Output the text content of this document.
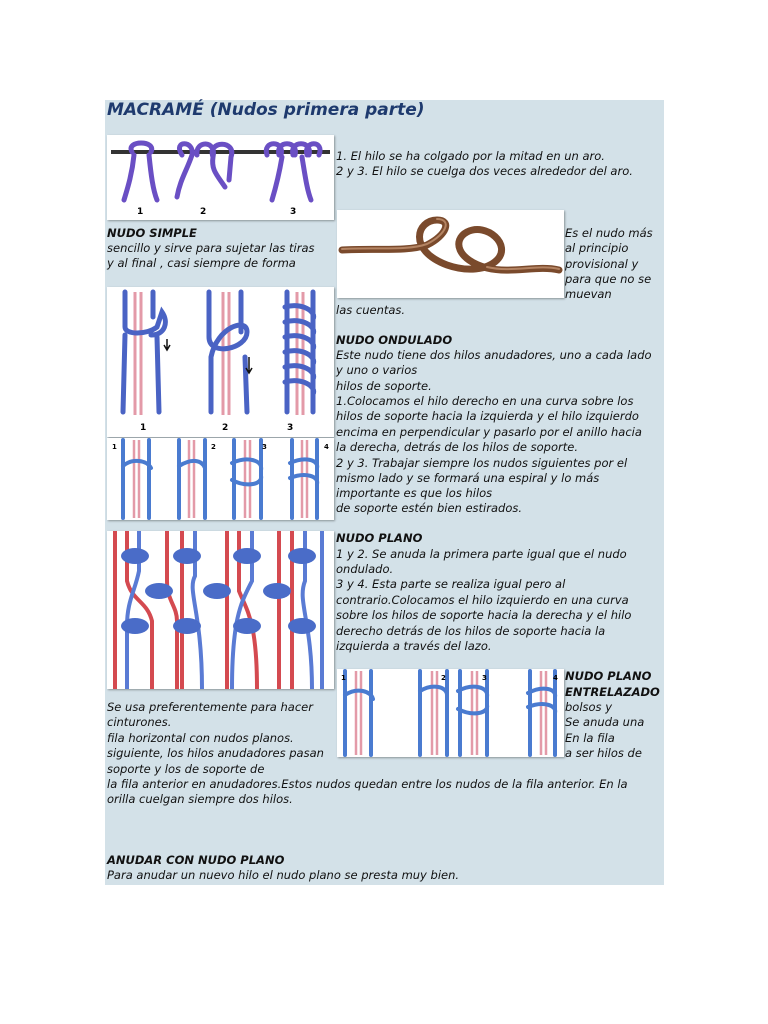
MACRAMÉ (Nudos primera parte)
1	2	3
1. El hilo se ha colgado por la mitad en un aro.
2 y 3. El hilo se cuelga dos veces alrededor del aro.
NUDO SIMPLE
sencillo y sirve para sujetar las tiras
y al final , casi siempre de forma
Es el nudo más
al principio
provisional y
para que no se
muevan
las cuentas.
1	2	3
NUDO ONDULADO
Este nudo tiene dos hilos anudadores, uno a cada lado
y uno o varios
hilos de soporte.
1.Colocamos el hilo derecho en una curva sobre los
hilos de soporte hacia la izquierda y el hilo izquierdo
encima en perpendicular y pasarlo por el anillo hacia
la derecha, detrás de los hilos de soporte.
2 y 3. Trabajar siempre los nudos siguientes por el
mismo lado y se formará una espiral y lo más
importante es que los hilos
de soporte estén bien estirados.
1	2	3	4
NUDO PLANO
1 y 2. Se anuda la primera parte igual que el nudo
ondulado.
3 y 4. Esta parte se realiza igual pero al
contrario.Colocamos el hilo izquierdo en una curva
sobre los hilos de soporte hacia la derecha y el hilo
derecho detrás de los hilos de soporte hacia la
izquierda a través del lazo.
1	2	3	4 NUDO PLANO
ENTRELAZADO
bolsos y
Se anuda una
En la fila
a ser hilos de
Se usa preferentemente para hacer
cinturones.
fila horizontal con nudos planos.
siguiente, los hilos anudadores pasan
soporte y los de soporte de
la fila anterior en anudadores.Estos nudos quedan entre los nudos de la fila anterior. En la
orilla cuelgan siempre dos hilos.
ANUDAR CON NUDO PLANO
Para anudar un nuevo hilo el nudo plano se presta muy bien.
